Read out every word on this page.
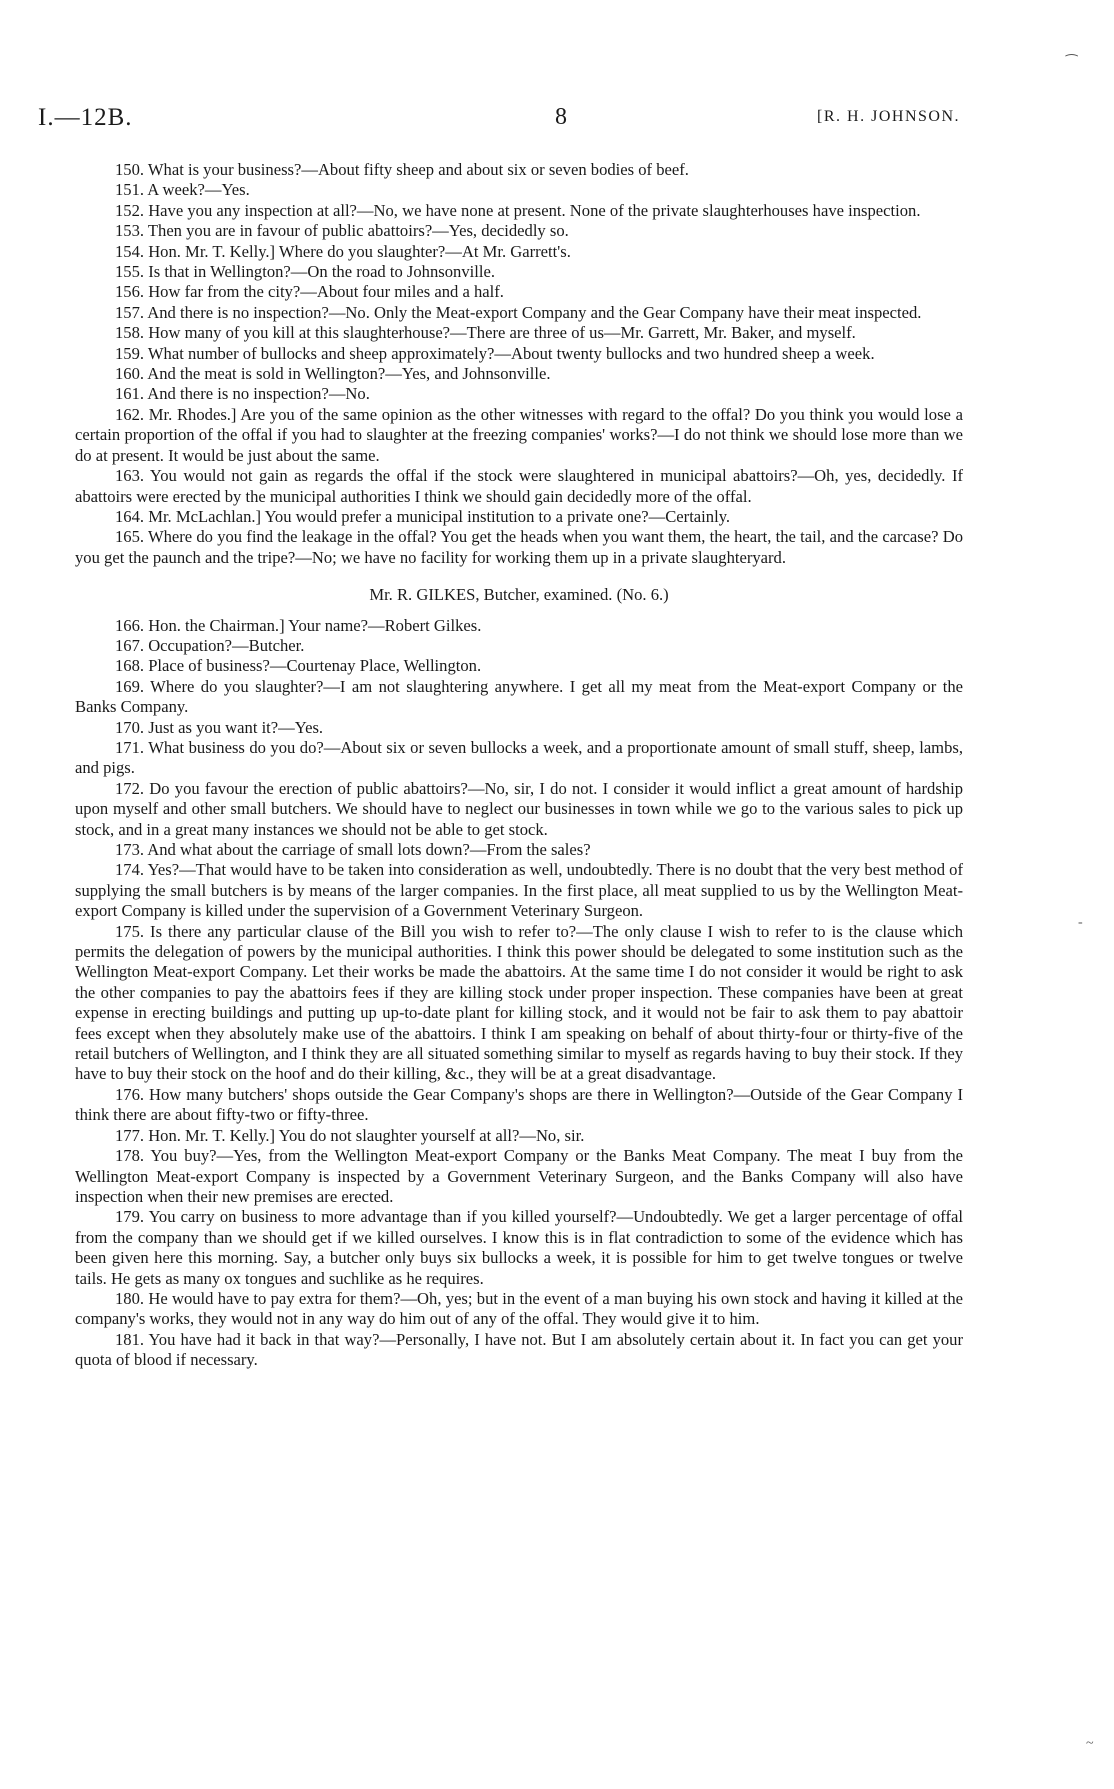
I.—12B.	8	[R. H. JOHNSON.

150. What is your business?—About fifty sheep and about six or seven bodies of beef.

151. A week?—Yes.

152. Have you any inspection at all?—No, we have none at present. None of the private slaughterhouses have inspection.

153. Then you are in favour of public abattoirs?—Yes, decidedly so.

154. Hon. Mr. T. Kelly.] Where do you slaughter?—At Mr. Garrett's.

155. Is that in Wellington?—On the road to Johnsonville.

156. How far from the city?—About four miles and a half.

157. And there is no inspection?—No. Only the Meat-export Company and the Gear Company have their meat inspected.

158. How many of you kill at this slaughterhouse?—There are three of us—Mr. Garrett, Mr. Baker, and myself.

159. What number of bullocks and sheep approximately?—About twenty bullocks and two hundred sheep a week.

160. And the meat is sold in Wellington?—Yes, and Johnsonville.

161. And there is no inspection?—No.

162. Mr. Rhodes.] Are you of the same opinion as the other witnesses with regard to the offal? Do you think you would lose a certain proportion of the offal if you had to slaughter at the freezing companies' works?—I do not think we should lose more than we do at present. It would be just about the same.

163. You would not gain as regards the offal if the stock were slaughtered in municipal abattoirs?—Oh, yes, decidedly. If abattoirs were erected by the municipal authorities I think we should gain decidedly more of the offal.

164. Mr. McLachlan.] You would prefer a municipal institution to a private one?—Certainly.

165. Where do you find the leakage in the offal? You get the heads when you want them, the heart, the tail, and the carcase? Do you get the paunch and the tripe?—No; we have no facility for working them up in a private slaughteryard.

Mr. R. GILKES, Butcher, examined. (No. 6.)

166. Hon. the Chairman.] Your name?—Robert Gilkes.

167. Occupation?—Butcher.

168. Place of business?—Courtenay Place, Wellington.

169. Where do you slaughter?—I am not slaughtering anywhere. I get all my meat from the Meat-export Company or the Banks Company.

170. Just as you want it?—Yes.

171. What business do you do?—About six or seven bullocks a week, and a proportionate amount of small stuff, sheep, lambs, and pigs.

172. Do you favour the erection of public abattoirs?—No, sir, I do not. I consider it would inflict a great amount of hardship upon myself and other small butchers. We should have to neglect our businesses in town while we go to the various sales to pick up stock, and in a great many instances we should not be able to get stock.

173. And what about the carriage of small lots down?—From the sales?

174. Yes?—That would have to be taken into consideration as well, undoubtedly. There is no doubt that the very best method of supplying the small butchers is by means of the larger companies. In the first place, all meat supplied to us by the Wellington Meat-export Company is killed under the supervision of a Government Veterinary Surgeon.

175. Is there any particular clause of the Bill you wish to refer to?—The only clause I wish to refer to is the clause which permits the delegation of powers by the municipal authorities. I think this power should be delegated to some institution such as the Wellington Meat-export Company. Let their works be made the abattoirs. At the same time I do not consider it would be right to ask the other companies to pay the abattoirs fees if they are killing stock under proper inspection. These companies have been at great expense in erecting buildings and putting up up-to-date plant for killing stock, and it would not be fair to ask them to pay abattoir fees except when they absolutely make use of the abattoirs. I think I am speaking on behalf of about thirty-four or thirty-five of the retail butchers of Wellington, and I think they are all situated something similar to myself as regards having to buy their stock. If they have to buy their stock on the hoof and do their killing, &c., they will be at a great disadvantage.

176. How many butchers' shops outside the Gear Company's shops are there in Wellington?—Outside of the Gear Company I think there are about fifty-two or fifty-three.

177. Hon. Mr. T. Kelly.] You do not slaughter yourself at all?—No, sir.

178. You buy?—Yes, from the Wellington Meat-export Company or the Banks Meat Company. The meat I buy from the Wellington Meat-export Company is inspected by a Government Veterinary Surgeon, and the Banks Company will also have inspection when their new premises are erected.

179. You carry on business to more advantage than if you killed yourself?—Undoubtedly. We get a larger percentage of offal from the company than we should get if we killed ourselves. I know this is in flat contradiction to some of the evidence which has been given here this morning. Say, a butcher only buys six bullocks a week, it is possible for him to get twelve tongues or twelve tails. He gets as many ox tongues and suchlike as he requires.

180. He would have to pay extra for them?—Oh, yes; but in the event of a man buying his own stock and having it killed at the company's works, they would not in any way do him out of any of the offal. They would give it to him.

181. You have had it back in that way?—Personally, I have not. But I am absolutely certain about it. In fact you can get your quota of blood if necessary.

⁀
-
~
